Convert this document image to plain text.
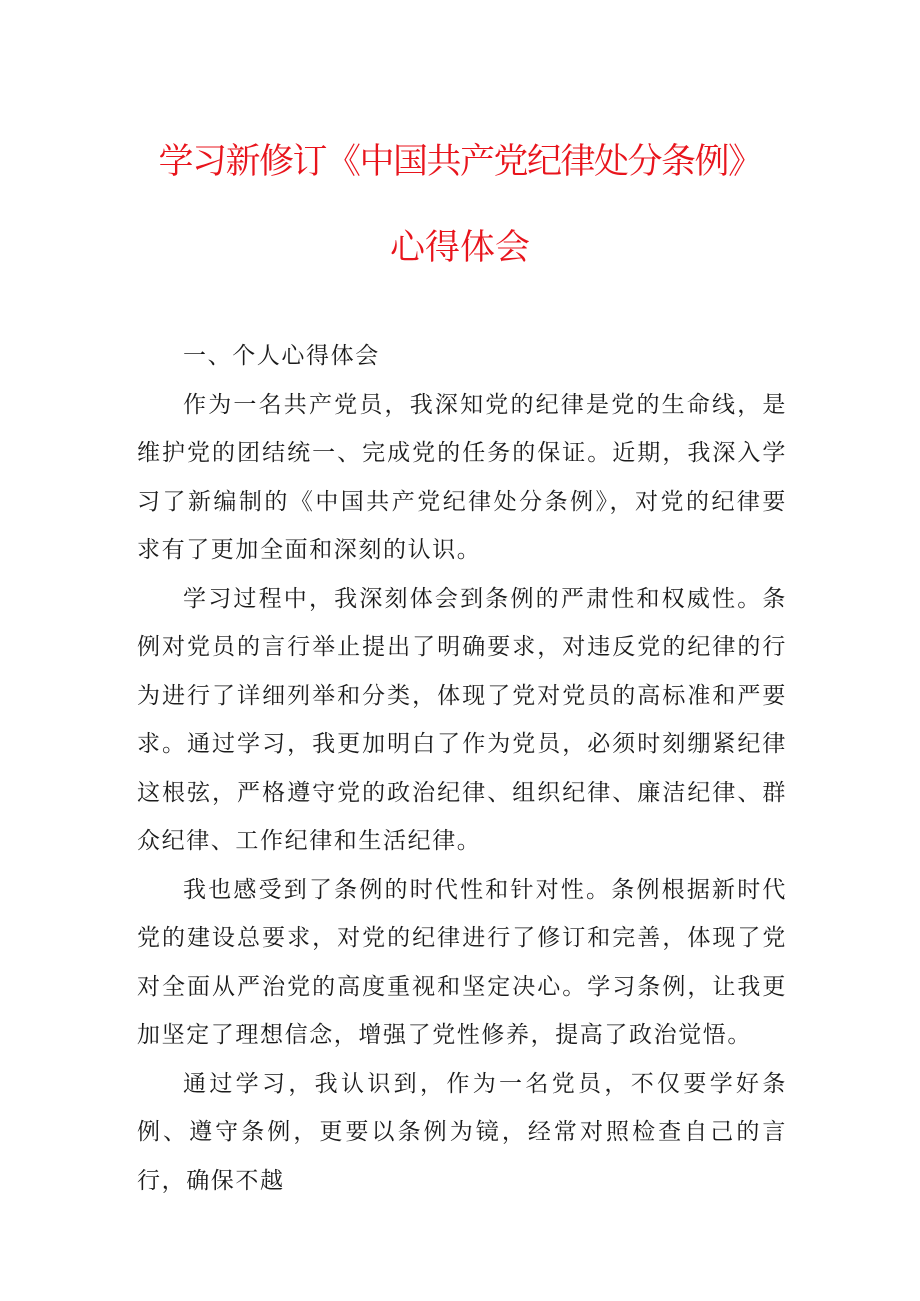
学习新修订《中国共产党纪律处分条例》
心得体会

一、个人心得体会

作为一名共产党员，我深知党的纪律是党的生命线，是维护党的团结统一、完成党的任务的保证。近期，我深入学习了新编制的《中国共产党纪律处分条例》，对党的纪律要求有了更加全面和深刻的认识。

学习过程中，我深刻体会到条例的严肃性和权威性。条例对党员的言行举止提出了明确要求，对违反党的纪律的行为进行了详细列举和分类，体现了党对党员的高标准和严要求。通过学习，我更加明白了作为党员，必须时刻绷紧纪律这根弦，严格遵守党的政治纪律、组织纪律、廉洁纪律、群众纪律、工作纪律和生活纪律。

我也感受到了条例的时代性和针对性。条例根据新时代党的建设总要求，对党的纪律进行了修订和完善，体现了党对全面从严治党的高度重视和坚定决心。学习条例，让我更加坚定了理想信念，增强了党性修养，提高了政治觉悟。

通过学习，我认识到，作为一名党员，不仅要学好条例、遵守条例，更要以条例为镜，经常对照检查自己的言行，确保不越
